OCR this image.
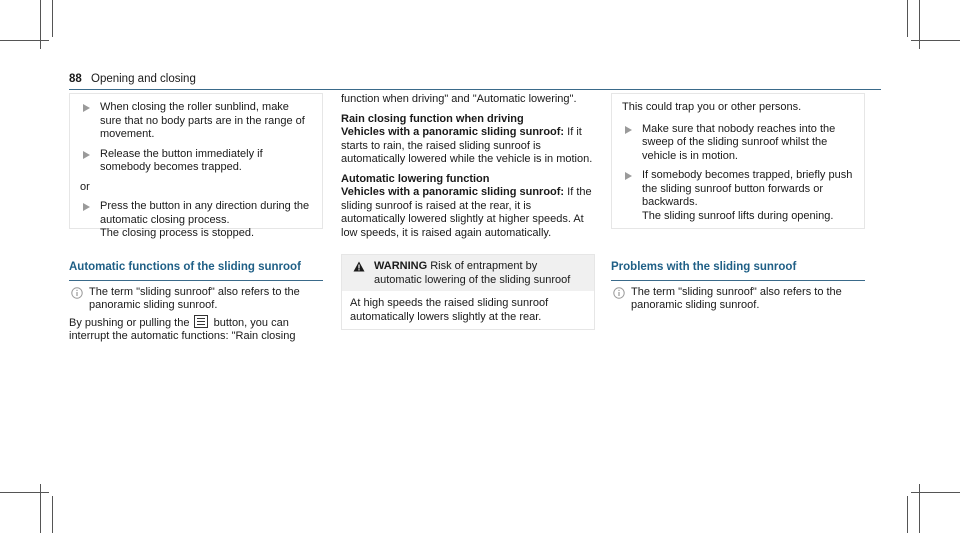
88 Opening and closing

When closing the roller sunblind, make sure that no body parts are in the range of movement.

Release the button immediately if somebody becomes trapped.

or

Press the button in any direction during the automatic closing process.

The closing process is stopped.

Automatic functions of the sliding sunroof

The term "sliding sunroof" also refers to the panoramic sliding sunroof.

By pushing or pulling the button, you can interrupt the automatic functions: "Rain closing

function when driving" and "Automatic lowering".

Rain closing function when driving

Vehicles with a panoramic sliding sunroof: If it starts to rain, the raised sliding sunroof is automatically lowered while the vehicle is in motion.

Automatic lowering function

Vehicles with a panoramic sliding sunroof: If the sliding sunroof is raised at the rear, it is automatically lowered slightly at higher speeds. At low speeds, it is raised again automatically.

WARNING Risk of entrapment by automatic lowering of the sliding sunroof
At high speeds the raised sliding sunroof automatically lowers slightly at the rear.

This could trap you or other persons.

Make sure that nobody reaches into the sweep of the sliding sunroof whilst the vehicle is in motion.

If somebody becomes trapped, briefly push the sliding sunroof button forwards or backwards.

The sliding sunroof lifts during opening.

Problems with the sliding sunroof

The term "sliding sunroof" also refers to the panoramic sliding sunroof.
